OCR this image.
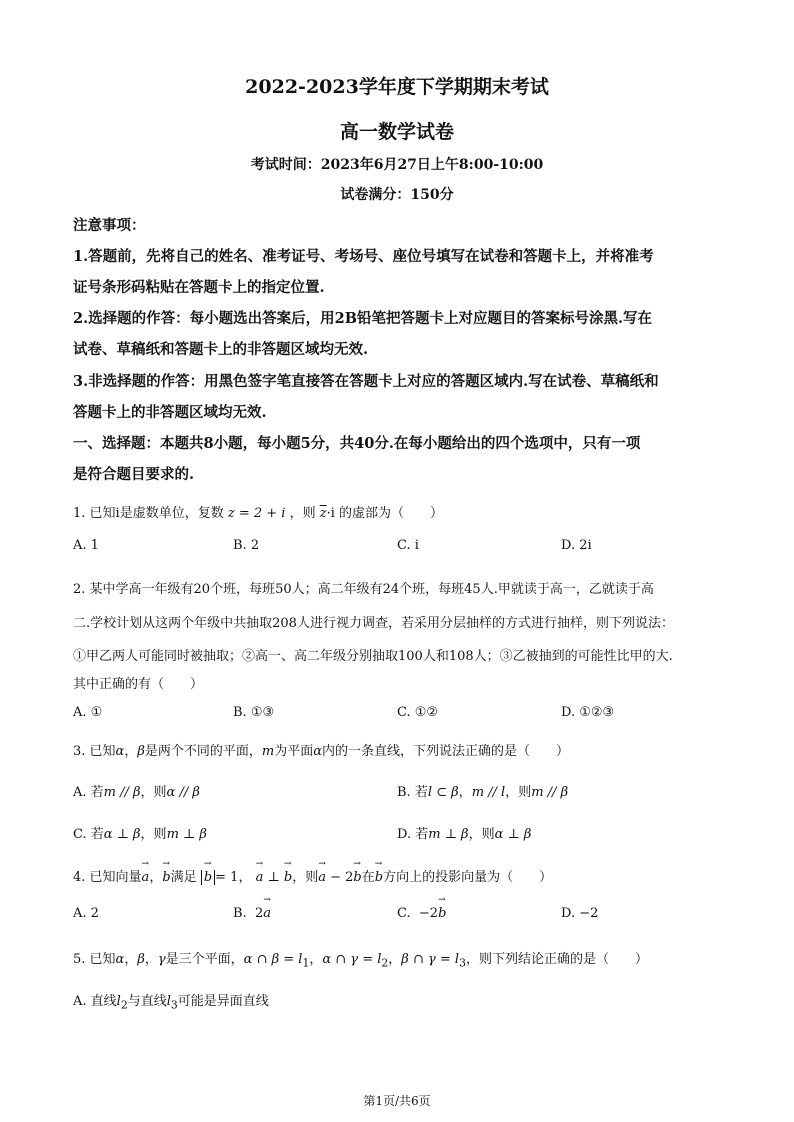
2022-2023学年度下学期期末考试
高一数学试卷
考试时间：2023年6月27日上午8:00-10:00
试卷满分：150分
注意事项：
1.答题前，先将自己的姓名、准考证号、考场号、座位号填写在试卷和答题卡上，并将准考
证号条形码粘贴在答题卡上的指定位置.
2.选择题的作答：每小题选出答案后，用2B铅笔把答题卡上对应题目的答案标号涂黑.写在
试卷、草稿纸和答题卡上的非答题区域均无效.
3.非选择题的作答：用黑色签字笔直接答在答题卡上对应的答题区域内.写在试卷、草稿纸和
答题卡上的非答题区域均无效.
一、选择题：本题共8小题，每小题5分，共40分.在每小题给出的四个选项中，只有一项
是符合题目要求的.
1. 已知i是虚数单位，复数 z = 2 + i ，则 $\overline{z}\cdot i$ 的虚部为（　　）
A. 1	B. 2	C. i	D. 2i
2. 某中学高一年级有20个班，每班50人；高二年级有24个班，每班45人.甲就读于高一，乙就读于高
二.学校计划从这两个年级中共抽取208人进行视力调查，若采用分层抽样的方式进行抽样，则下列说法：
①甲乙两人可能同时被抽取；②高一、高二年级分别抽取100人和108人；③乙被抽到的可能性比甲的大.
其中正确的有（　　）
A. ①	B. ①③	C. ①②	D. ①②③
3. 已知α，β是两个不同的平面，m为平面α内的一条直线，下列说法正确的是（　　）
A. 若m // β，则α // β	B. 若l ⊂ β，m // l，则m // β
C. 若α ⊥ β，则m ⊥ β	D. 若m ⊥ β，则α ⊥ β
4. 已知向量→ a，→ b满足 → b = 1， → a ⊥ → b，则→ a − 2→ b在→ b方向上的投影向量为（　　）
A. 2	B. 2→ a	C. −2→ b	D. −2
5. 已知α，β，γ是三个平面，α ∩ $\beta = l_1$，α ∩ $\gamma = l_2$，β ∩ $\gamma = l_3$，则下列结论正确的是（　　）
A. 直线$l_2$与直线$l_3$可能是异面直线
第1页/共6页
